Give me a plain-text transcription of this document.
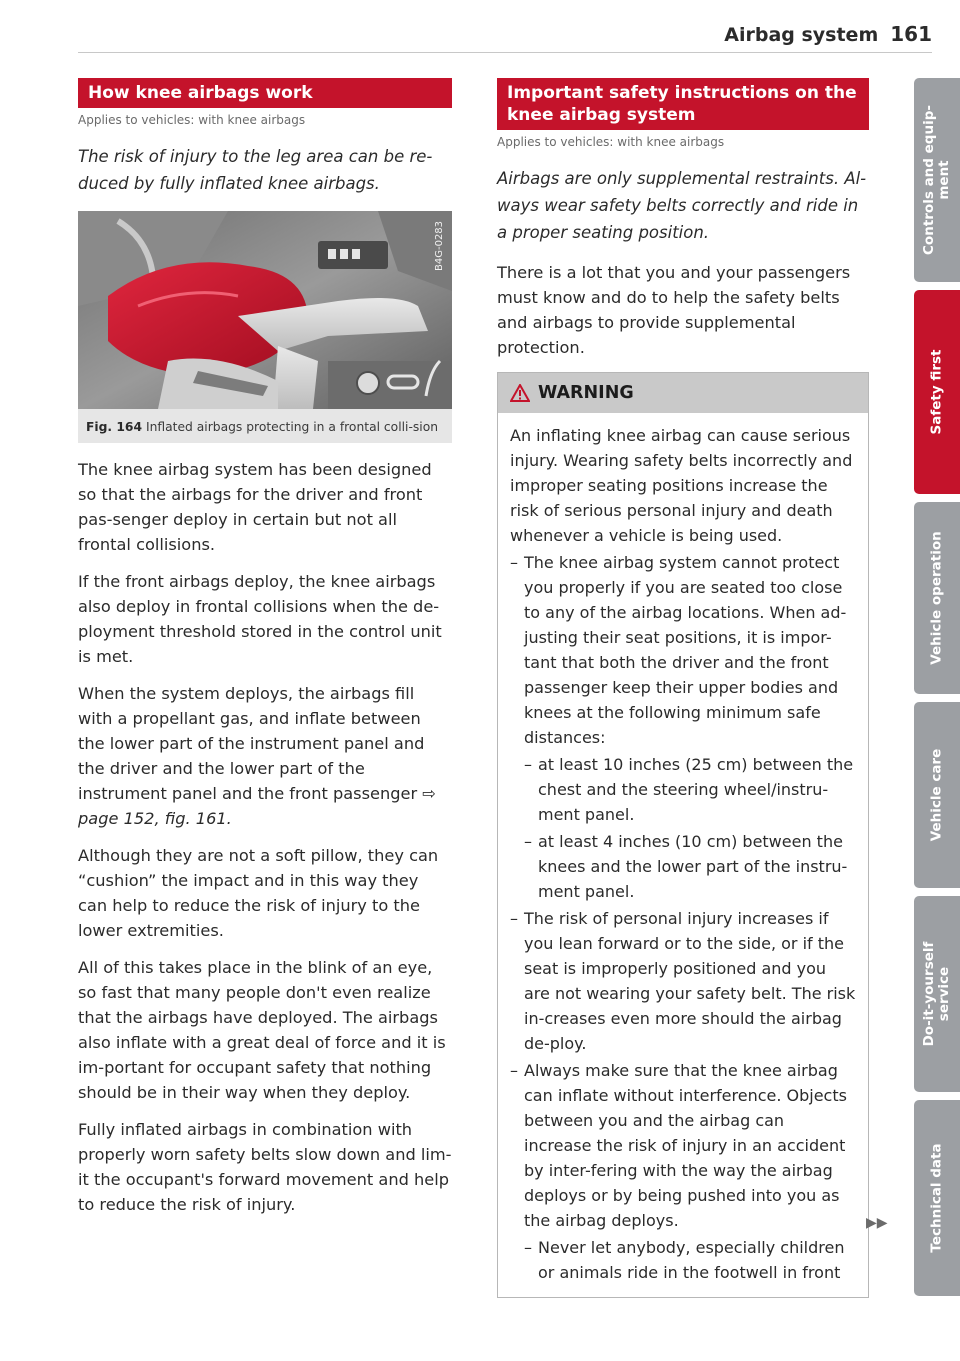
Airbag system 161
How knee airbags work
Applies to vehicles: with knee airbags

The risk of injury to the leg area can be re-duced by fully inflated knee airbags.

B4G-0283
Fig. 164 Inflated airbags protecting in a frontal colli-sion

The knee airbag system has been designed so that the airbags for the driver and front pas-senger deploy in certain but not all frontal collisions.

If the front airbags deploy, the knee airbags also deploy in frontal collisions when the de-ployment threshold stored in the control unit is met.

When the system deploys, the airbags fill with a propellant gas, and inflate between the lower part of the instrument panel and the driver and the lower part of the instrument panel and the front passenger ⇨ page 152, fig. 161.

Although they are not a soft pillow, they can “cushion” the impact and in this way they can help to reduce the risk of injury to the lower extremities.

All of this takes place in the blink of an eye, so fast that many people don't even realize that the airbags have deployed. The airbags also inflate with a great deal of force and it is im-portant for occupant safety that nothing should be in their way when they deploy.

Fully inflated airbags in combination with properly worn safety belts slow down and lim-it the occupant's forward movement and help to reduce the risk of injury.

Important safety instructions on the knee airbag system
Applies to vehicles: with knee airbags

Airbags are only supplemental restraints. Al-ways wear safety belts correctly and ride in a proper seating position.

There is a lot that you and your passengers must know and do to help the safety belts and airbags to provide supplemental protection.

WARNING

An inflating knee airbag can cause serious injury. Wearing safety belts incorrectly and improper seating positions increase the risk of serious personal injury and death whenever a vehicle is being used.

– The knee airbag system cannot protect you properly if you are seated too close to any of the airbag locations. When ad-justing their seat positions, it is impor-tant that both the driver and the front passenger keep their upper bodies and knees at the following minimum safe distances:

– at least 10 inches (25 cm) between the chest and the steering wheel/instru-ment panel.

– at least 4 inches (10 cm) between the knees and the lower part of the instru-ment panel.

– The risk of personal injury increases if you lean forward or to the side, or if the seat is improperly positioned and you are not wearing your safety belt. The risk in-creases even more should the airbag de-ploy.

– Always make sure that the knee airbag can inflate without interference. Objects between you and the airbag can increase the risk of injury in an accident by inter-fering with the way the airbag deploys or by being pushed into you as the airbag deploys.

– Never let anybody, especially children or animals ride in the footwell in front

▶▶
Controls and equip-
ment
Safety first
Vehicle operation
Vehicle care
Do-it-yourself
service
Technical data
